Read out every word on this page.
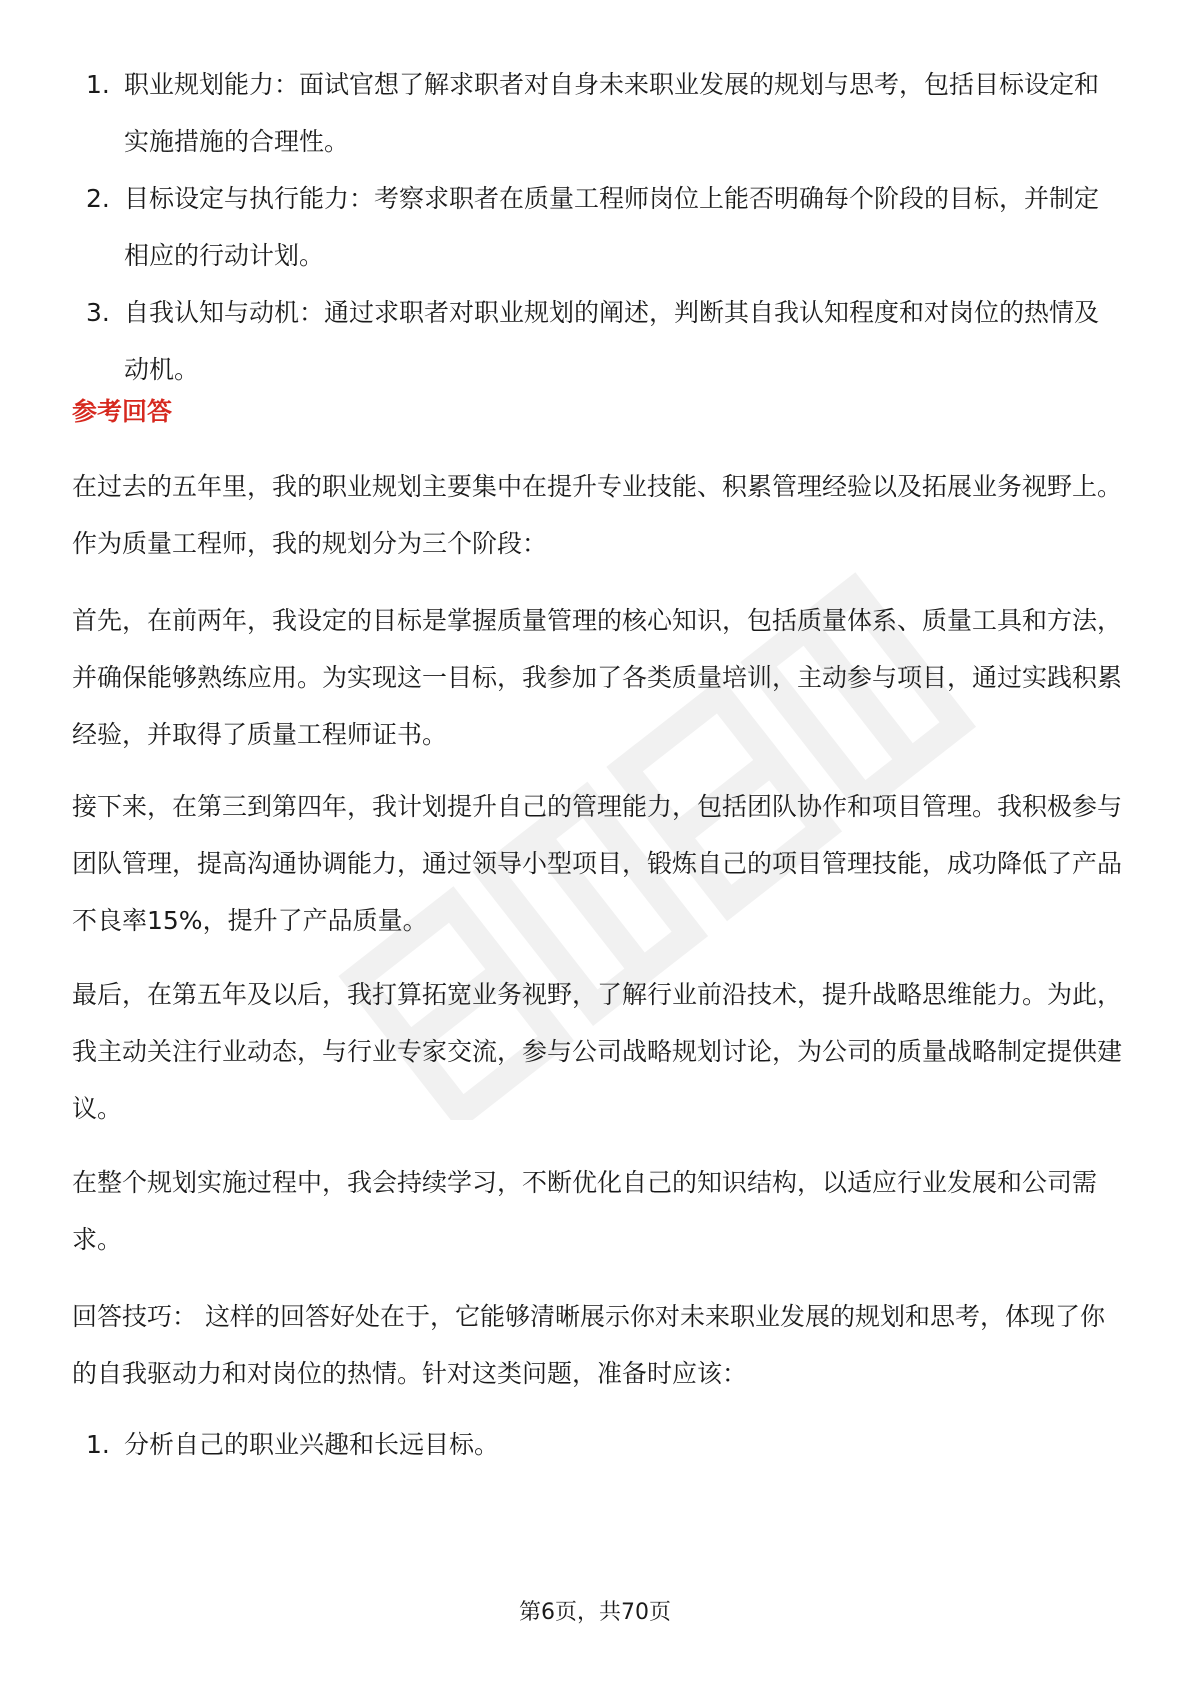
1. 职业规划能力：面试官想了解求职者对自身未来职业发展的规划与思考，包括目标设定和实施措施的合理性。
2. 目标设定与执行能力：考察求职者在质量工程师岗位上能否明确每个阶段的目标，并制定相应的行动计划。
3. 自我认知与动机：通过求职者对职业规划的阐述，判断其自我认知程度和对岗位的热情及动机。
参考回答

在过去的五年里，我的职业规划主要集中在提升专业技能、积累管理经验以及拓展业务视野上。作为质量工程师，我的规划分为三个阶段：

首先，在前两年，我设定的目标是掌握质量管理的核心知识，包括质量体系、质量工具和方法，并确保能够熟练应用。为实现这一目标，我参加了各类质量培训，主动参与项目，通过实践积累经验，并取得了质量工程师证书。

接下来，在第三到第四年，我计划提升自己的管理能力，包括团队协作和项目管理。我积极参与团队管理，提高沟通协调能力，通过领导小型项目，锻炼自己的项目管理技能，成功降低了产品不良率15%，提升了产品质量。

最后，在第五年及以后，我打算拓宽业务视野，了解行业前沿技术，提升战略思维能力。为此，我主动关注行业动态，与行业专家交流，参与公司战略规划讨论，为公司的质量战略制定提供建议。

在整个规划实施过程中，我会持续学习，不断优化自己的知识结构，以适应行业发展和公司需求。

回答技巧： 这样的回答好处在于，它能够清晰展示你对未来职业发展的规划和思考，体现了你的自我驱动力和对岗位的热情。针对这类问题，准备时应该：

1. 分析自己的职业兴趣和长远目标。
第6页，共70页
